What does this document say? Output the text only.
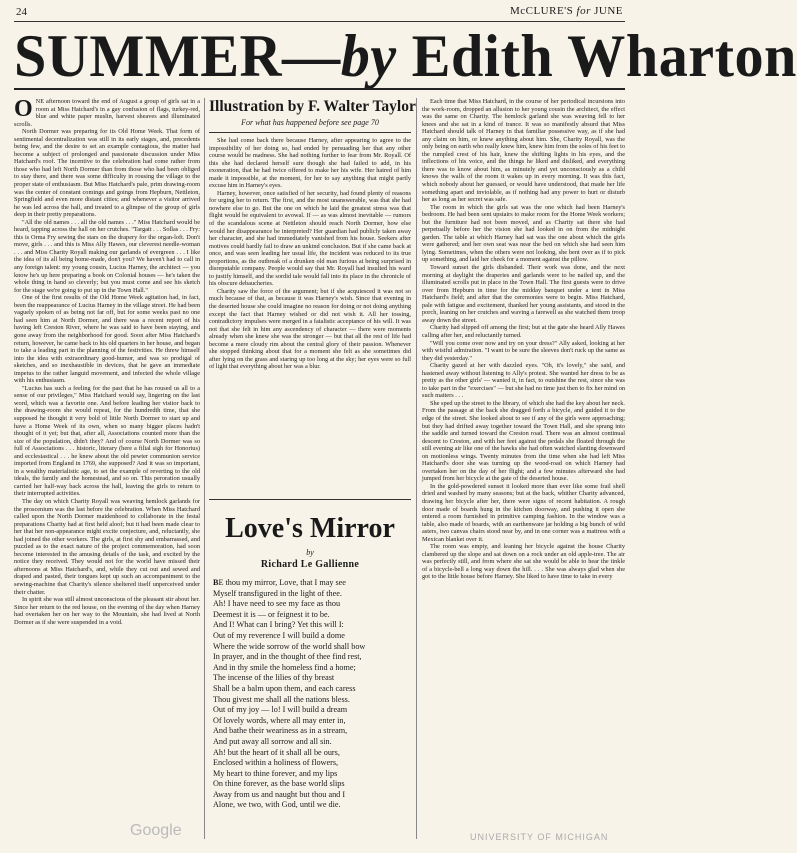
24	McCLURE'S for JUNE
SUMMER—by Edith Wharton

ONE afternoon toward the end of August a group of girls sat in a room at Miss Hatchard's in a gay confusion of flags, turkey-red, blue and white paper muslin, harvest sheaves and illuminated scrolls.

North Dormer was preparing for its Old Home Week. That form of sentimental decentralization was still in its early stages, and, precedents being few, and the desire to set an example contagious, the matter had become a subject of prolonged and passionate discussion under Miss Hatchard's roof. The incentive to the celebration had come rather from those who had left North Dormer than from those who had been obliged to stay there, and there was some difficulty in rousing the village to the proper state of enthusiasm. But Miss Hatchard's pale, prim drawing-room was the center of constant comings and goings from Hepburn, Nettleton, Springfield and even more distant cities; and whenever a visitor arrived he was led across the hall, and treated to a glimpse of the group of girls deep in their pretty preparations.

"All the old names . . . all the old names . . ." Miss Hatchard would be heard, tapping across the hall on her crutches. "Targatt . . . Sollas . . . Fry: this is Orma Fry sewing the stars on the drapery for the organ-loft. Don't move, girls . . . and this is Miss Ally Hawes, our cleverest needle-woman . . . and Miss Charity Royall making our garlands of evergreen . . . I like the idea of its all being home-made, don't you? We haven't had to call in any foreign talent: my young cousin, Lucius Harney, the architect — you know he's up here preparing a book on Colonial houses — he's taken the whole thing in hand so cleverly; but you must come and see his sketch for the stage we're going to put up in the Town Hall."

One of the first results of the Old Home Week agitation had, in fact, been the reappearance of Lucius Harney in the village street. He had been vaguely spoken of as being not far off, but for some weeks past no one had seen him at North Dormer, and there was a recent report of his having left Creston River, where he was said to have been staying, and gone away from the neighborhood for good. Soon after Miss Hatchard's return, however, he came back to his old quarters in her house, and began to take a leading part in the planning of the festivities. He threw himself into the idea with extraordinary good-humor, and was so prodigal of sketches, and so inexhaustible in devices, that he gave an immediate impetus to the rather languid movement, and infected the whole village with his enthusiasm.

"Lucius has such a feeling for the past that he has roused us all to a sense of our privileges," Miss Hatchard would say, lingering on the last word, which was a favorite one. And before leading her visitor back to the drawing-room she would repeat, for the hundredth time, that she supposed he thought it very bold of little North Dormer to start up and have a Home Week of its own, when so many bigger places hadn't thought of it yet; but that, after all, Associations counted more than the size of the population, didn't they? And of course North Dormer was so full of Associations . . . historic, literary (here a filial sigh for Honorius) and ecclesiastical . . . he knew about the old pewter communion service imported from England in 1769, she supposed? And it was so important, in a wealthy materialistic age, to set the example of reverting to the old ideals, the family and the homestead, and so on. This peroration usually carried her half-way back across the hall, leaving the girls to return to their interrupted activities.

The day on which Charity Royall was weaving hemlock garlands for the proscenium was the last before the celebration. When Miss Hatchard called upon the North Dormer maidenhood to collaborate in the festal preparations Charity had at first held aloof; but it had been made clear to her that her non-appearance might excite conjecture, and, reluctantly, she had joined the other workers. The girls, at first shy and embarrassed, and puzzled as to the exact nature of the project commemoration, had soon become interested in the amusing details of the task, and excited by the notice they received. They would not for the world have missed their afternoons at Miss Hatchard's, and, while they cut out and sewed and draped and pasted, their tongues kept up such an accompaniment to the sewing-machine that Charity's silence sheltered itself unperceived under their chatter.

In spirit she was still almost unconscious of the pleasant stir about her. Since her return to the red house, on the evening of the day when Harney had overtaken her on her way to the Mountain, she had lived at North Dormer as if she were suspended in a void.

Illustration by F. Walter Taylor
For what has happened before see page 70

She had come back there because Harney, after appearing to agree to the impossibility of her doing so, had ended by persuading her that any other course would be madness. She had nothing further to fear from Mr. Royall. Of this she had declared herself sure though she had failed to add, in his exoneration, that he had twice offered to make her his wife. Her hatred of him made it impossible, at the moment, for her to say anything that might partly excuse him in Harney's eyes.

Harney, however, once satisfied of her security, had found plenty of reasons for urging her to return. The first, and the most unanswerable, was that she had nowhere else to go. But the one on which he laid the greatest stress was that flight would be equivalent to avowal. If — as was almost inevitable — rumors of the scandalous scene at Nettleton should reach North Dormer, how else would her disappearance be interpreted? Her guardian had publicly taken away her character, and she had immediately vanished from his house. Seekers after motives could hardly fail to draw an unkind conclusion. But if she came back at once, and was seen leading her usual life, the incident was reduced to its true proportions, as the outbreak of a drunken old man furious at being surprised in disreputable company. People would say that Mr. Royall had insulted his ward to justify himself, and the sordid tale would fall into its place in the chronicle of his obscure debaucheries.

Charity saw the force of the argument; but if she acquiesced it was not so much because of that, as because it was Harney's wish. Since that evening in the deserted house she could imagine no reason for doing or not doing anything except the fact that Harney wished or did not wish it. All her tossing, contradictory impulses were merged in a fatalistic acceptance of his will. It was not that she felt in him any ascendency of character — there were moments already when she knew she was the stronger — but that all the rest of life had become a mere cloudy rim about the central glory of their passion. Whenever she stopped thinking about that for a moment she felt as she sometimes did after lying on the grass and staring up too long at the sky; her eyes were so full of light that everything about her was a blur.

Love's Mirror
by
Richard Le Gallienne
BE thou my mirror, Love, that I may see
Myself transfigured in the light of thee.
Ah! I have need to see my face as thou
Deemest it is — or feignest it to be.
And I! What can I bring? Yet this will I:
Out of my reverence I will build a dome
Where the wide sorrow of the world shall bow
In prayer, and in the thought of thee find rest,
And in thy smile the homeless find a home;
The incense of the lilies of thy breast
Shall be a balm upon them, and each caress
Thou givest me shall all the nations bless.
Out of my joy — lo! I will build a dream
Of lovely words, where all may enter in,
And bathe their weariness as in a stream,
And put away all sorrow and all sin.
Ah! but the heart of it shall all be ours,
Enclosed within a holiness of flowers,
My heart to thine forever, and my lips
On thine forever, as the base world slips
Away from us and naught but thou and I
Alone, we two, with God, until we die.

Each time that Miss Hatchard, in the course of her periodical incursions into the work-room, dropped an allusion to her young cousin the architect, the effect was the same on Charity. The hemlock garland she was weaving fell to her knees and she sat in a kind of trance. It was so manifestly absurd that Miss Hatchard should talk of Harney in that familiar possessive way, as if she had any claim on him, or knew anything about him. She, Charity Royall, was the only being on earth who really knew him, knew him from the soles of his feet to the rumpled crest of his hair, knew the shifting lights in his eyes, and the inflections of his voice, and the things he liked and disliked, and everything there was to know about him, as minutely and yet unconsciously as a child knows the walls of the room it wakes up in every morning. It was this fact, which nobody about her guessed, or would have understood, that made her life something apart and inviolable, as if nothing had any power to hurt or disturb her as long as her secret was safe.

The room in which the girls sat was the one which had been Harney's bedroom. He had been sent upstairs to make room for the Home Week workers; but the furniture had not been moved, and as Charity sat there she had perpetually before her the vision she had looked in on from the midnight garden. The table at which Harney had sat was the one about which the girls were gathered; and her own seat was near the bed on which she had seen him lying. Sometimes, when the others were not looking, she bent over as if to pick up something, and laid her cheek for a moment against the pillow.

Toward sunset the girls disbanded. Their work was done, and the next morning at daylight the draperies and garlands were to be nailed up, and the illuminated scrolls put in place in the Town Hall. The first guests were to drive over from Hepburn in time for the midday banquet under a tent in Miss Hatchard's field; and after that the ceremonies were to begin. Miss Hatchard, pale with fatigue and excitement, thanked her young assistants, and stood in the porch, leaning on her crutches and waving a farewell as she watched them troop away down the street.

Charity had slipped off among the first; but at the gate she heard Ally Hawes calling after her, and reluctantly turned.

"Will you come over now and try on your dress?" Ally asked, looking at her with wistful admiration. "I want to be sure the sleeves don't ruck up the same as they did yesterday."

Charity gazed at her with dazzled eyes. "Oh, it's lovely," she said, and hastened away without listening to Ally's protest. She wanted her dress to be as pretty as the other girls' — wanted it, in fact, to outshine the rest, since she was to take part in the "exercises" — but she had no time just then to fix her mind on such matters . . .

She sped up the street to the library, of which she had the key about her neck. From the passage at the back she dragged forth a bicycle, and guided it to the edge of the street. She looked about to see if any of the girls were approaching; but they had drifted away together toward the Town Hall, and she sprang into the saddle and turned toward the Creston road. There was an almost continual descent to Creston, and with her feet against the pedals she floated through the still evening air like one of the hawks she had often watched slanting downward on motionless wings. Twenty minutes from the time when she had left Miss Hatchard's door she was turning up the wood-road on which Harney had overtaken her on the day of her flight; and a few minutes afterward she had jumped from her bicycle at the gate of the deserted house.

In the gold-powdered sunset it looked more than ever like some frail shell dried and washed by many seasons; but at the back, whither Charity advanced, drawing her bicycle after her, there were signs of recent habitation. A rough door made of boards hung in the kitchen doorway, and pushing it open she entered a room furnished in primitive camping fashion. In the window was a table, also made of boards, with an earthenware jar holding a big bunch of wild asters, two canvas chairs stood near by, and in one corner was a mattress with a Mexican blanket over it.

The room was empty, and leaning her bicycle against the house Charity clambered up the slope and sat down on a rock under an old apple-tree. The air was perfectly still, and from where she sat she would be able to hear the tinkle of a bicycle-bell a long way down the hill. . . . She was always glad when she got to the little house before Harney. She liked to have time to take in every

Google	UNIVERSITY OF MICHIGAN
